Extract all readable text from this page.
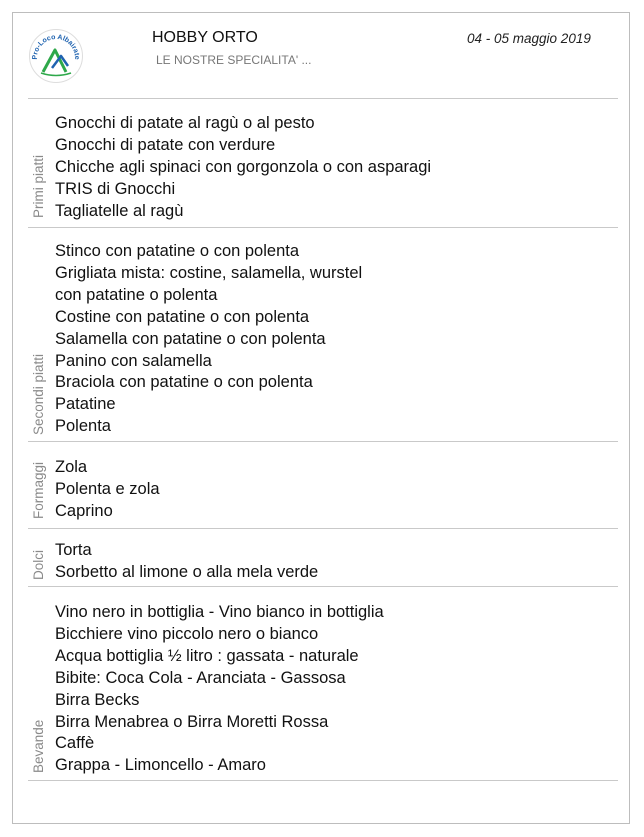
Pro-Loco Albairate
HOBBY ORTO
LE NOSTRE SPECIALITA' ...
04 - 05 maggio 2019
Primi piatti
Gnocchi di patate al ragù o al pesto
Gnocchi di patate con verdure
Chicche agli spinaci con gorgonzola o con asparagi
TRIS di Gnocchi
Tagliatelle al ragù
Secondi piatti
Stinco con patatine o con polenta
Grigliata mista: costine, salamella, wurstel
con patatine o polenta
Costine con patatine o con polenta
Salamella con patatine o con polenta
Panino con salamella
Braciola con patatine o con polenta
Patatine
Polenta
Formaggi Zola
Polenta e zola
Caprino
Dolci Torta
Sorbetto al limone o alla mela verde
Bevande
Vino nero in bottiglia - Vino bianco in bottiglia
Bicchiere vino piccolo nero o bianco
Acqua bottiglia ½ litro : gassata - naturale
Bibite: Coca Cola - Aranciata - Gassosa
Birra Becks
Birra Menabrea o Birra Moretti Rossa
Caffè
Grappa - Limoncello - Amaro
